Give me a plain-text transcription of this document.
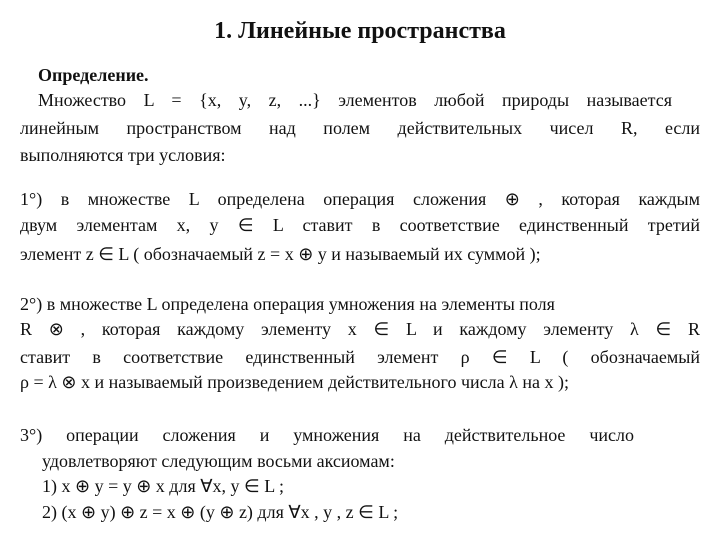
1. Линейные пространства
Определение.
Множество L = {x, y, z, ...} элементов любой природы называется
линейным пространством над полем действительных чисел R, если
выполняются три условия:
1°) в множестве L определена операция сложения ⊕ , которая каждым
двум элементам x, y ∈ L ставит в соответствие единственный третий
элемент z ∈ L ( обозначаемый z = x ⊕ y и называемый их суммой );
2°) в множестве L определена операция умножения на элементы поля
R ⊗ , которая каждому элементу x ∈ L и каждому элементу λ ∈ R
ставит в соответствие единственный элемент ρ ∈ L ( обозначаемый
ρ = λ ⊗ x и называемый произведением действительного числа λ на x );
3°) операции сложения и умножения на действительное число
удовлетворяют следующим восьми аксиомам:
1) x ⊕ y = y ⊕ x для ∀x, y ∈ L ;
2) (x ⊕ y) ⊕ z = x ⊕ (y ⊕ z) для ∀x , y , z ∈ L ;
